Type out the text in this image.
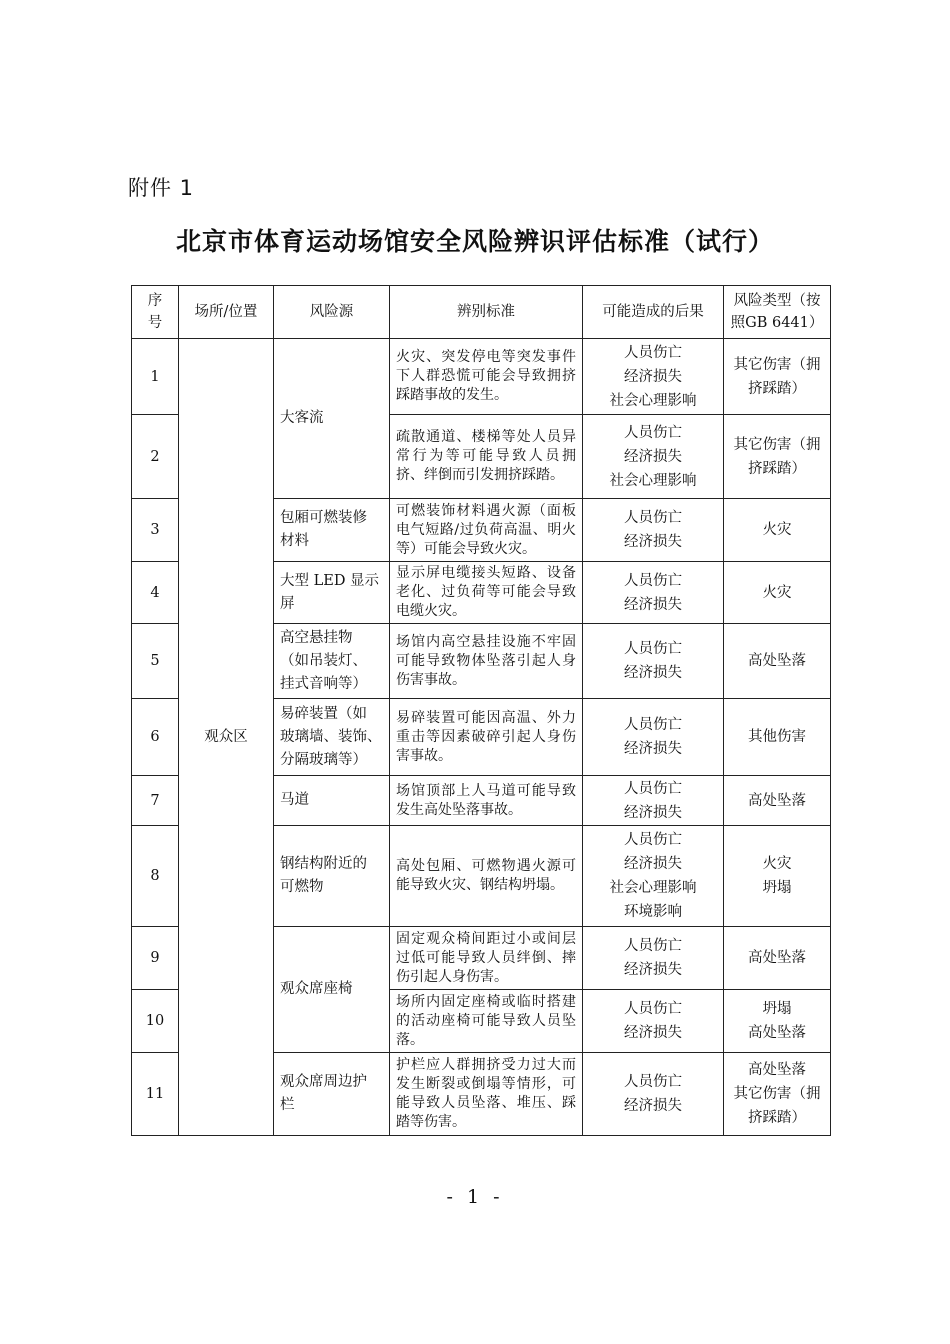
附件 1
北京市体育运动场馆安全风险辨识评估标准（试行）
序
号	场所/位置	风险源	辨别标准	可能造成的后果	风险类型（按
照GB 6441）
1	观众区	大客流	火灾、突发停电等突发事件下人群恐慌可能会导致拥挤踩踏事故的发生。	人员伤亡
经济损失
社会心理影响	其它伤害（拥
挤踩踏）
2			疏散通道、楼梯等处人员异常行为等可能导致人员拥挤、绊倒而引发拥挤踩踏。	人员伤亡
经济损失
社会心理影响	其它伤害（拥
挤踩踏）
3		包厢可燃装修
材料	可燃装饰材料遇火源（面板电气短路/过负荷高温、明火等）可能会导致火灾。	人员伤亡
经济损失	火灾
4		大型 LED 显示
屏	显示屏电缆接头短路、设备老化、过负荷等可能会导致电缆火灾。	人员伤亡
经济损失	火灾
5		高空悬挂物
（如吊装灯、
挂式音响等）	场馆内高空悬挂设施不牢固可能导致物体坠落引起人身伤害事故。	人员伤亡
经济损失	高处坠落
6		易碎装置（如
玻璃墙、装饰、
分隔玻璃等）	易碎装置可能因高温、外力重击等因素破碎引起人身伤害事故。	人员伤亡
经济损失	其他伤害
7		马道	场馆顶部上人马道可能导致发生高处坠落事故。	人员伤亡
经济损失	高处坠落
8		钢结构附近的
可燃物	高处包厢、可燃物遇火源可能导致火灾、钢结构坍塌。	人员伤亡
经济损失
社会心理影响
环境影响	火灾
坍塌
9		观众席座椅	固定观众椅间距过小或间层过低可能导致人员绊倒、摔伤引起人身伤害。	人员伤亡
经济损失	高处坠落
10			场所内固定座椅或临时搭建的活动座椅可能导致人员坠落。	人员伤亡
经济损失	坍塌
高处坠落
11		观众席周边护
栏	护栏应人群拥挤受力过大而发生断裂或倒塌等情形，可能导致人员坠落、堆压、踩踏等伤害。	人员伤亡
经济损失	高处坠落
其它伤害（拥
挤踩踏）
- 1 -
